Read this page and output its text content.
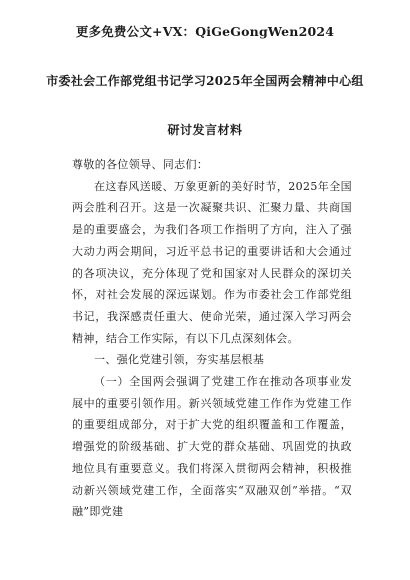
更多免费公文+VX：QiGeGongWen2024
市委社会工作部党组书记学习2025年全国两会精神中心组
研讨发言材料

尊敬的各位领导、同志们：

在这春风送暖、万象更新的美好时节，2025年全国两会胜利召开。这是一次凝聚共识、汇聚力量、共商国是的重要盛会，为我们各项工作指明了方向，注入了强大动力两会期间，习近平总书记的重要讲话和大会通过的各项决议，充分体现了党和国家对人民群众的深切关怀，对社会发展的深远谋划。作为市委社会工作部党组书记，我深感责任重大、使命光荣，通过深入学习两会精神，结合工作实际，有以下几点深刻体会。

一、强化党建引领，夯实基层根基

（一）全国两会强调了党建工作在推动各项事业发展中的重要引领作用。新兴领域党建工作作为党建工作的重要组成部分，对于扩大党的组织覆盖和工作覆盖，增强党的阶级基础、扩大党的群众基础、巩固党的执政地位具有重要意义。我们将深入贯彻两会精神，积极推动新兴领域党建工作，全面落实“双融双创”举措。“双融”即党建
